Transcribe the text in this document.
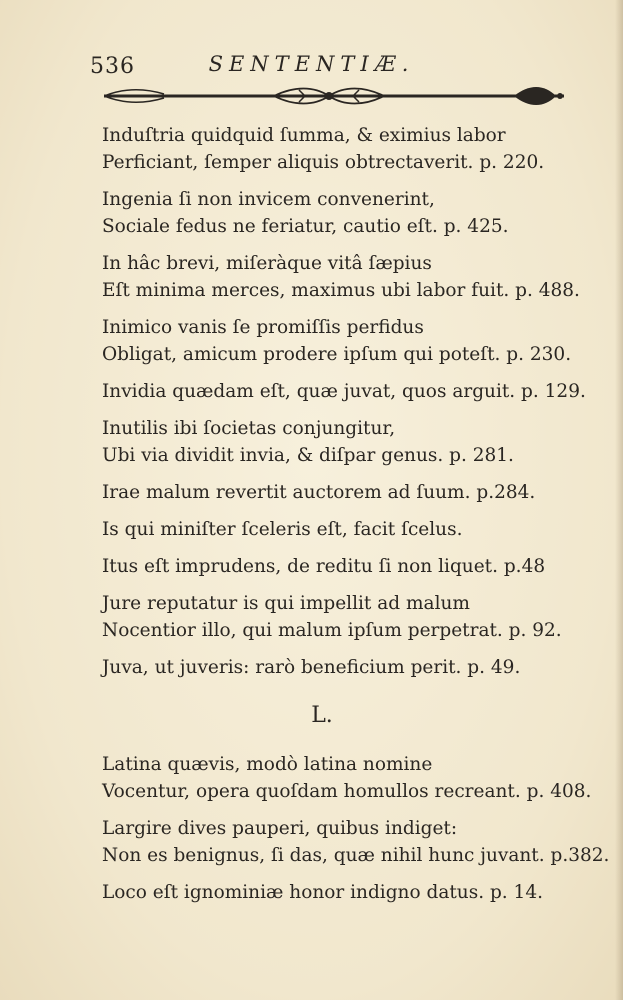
536	SENTENTIÆ.
Induſtria quidquid ſumma, & eximius labor
Perficiant, ſemper aliquis obtrectaverit. p. 220.
Ingenia ſi non invicem convenerint,
Sociale fedus ne feriatur, cautio eſt. p. 425.
In hâc brevi, miſeràque vitâ ſæpius
Eſt minima merces, maximus ubi labor fuit. p. 488.
Inimico vanis ſe promiſſis perfidus
Obligat, amicum prodere ipſum qui poteſt. p. 230.
Invidia quædam eſt, quæ juvat, quos arguit. p. 129.
Inutilis ibi ſocietas conjungitur,
Ubi via dividit invia, & diſpar genus. p. 281.
Irae malum revertit auctorem ad ſuum. p.284.
Is qui miniſter ſceleris eſt, facit ſcelus.
Itus eſt imprudens, de reditu ſi non liquet. p.48
Jure reputatur is qui impellit ad malum
Nocentior illo, qui malum ipſum perpetrat. p. 92.
Juva, ut juveris: rarò beneficium perit. p. 49.
L.
Latina quævis, modò latina nomine
Vocentur, opera quoſdam homullos recreant. p. 408.
Largire dives pauperi, quibus indiget:
Non es benignus, ſi das, quæ nihil hunc juvant. p.382.
Loco eſt ignominiæ honor indigno datus. p. 14.
